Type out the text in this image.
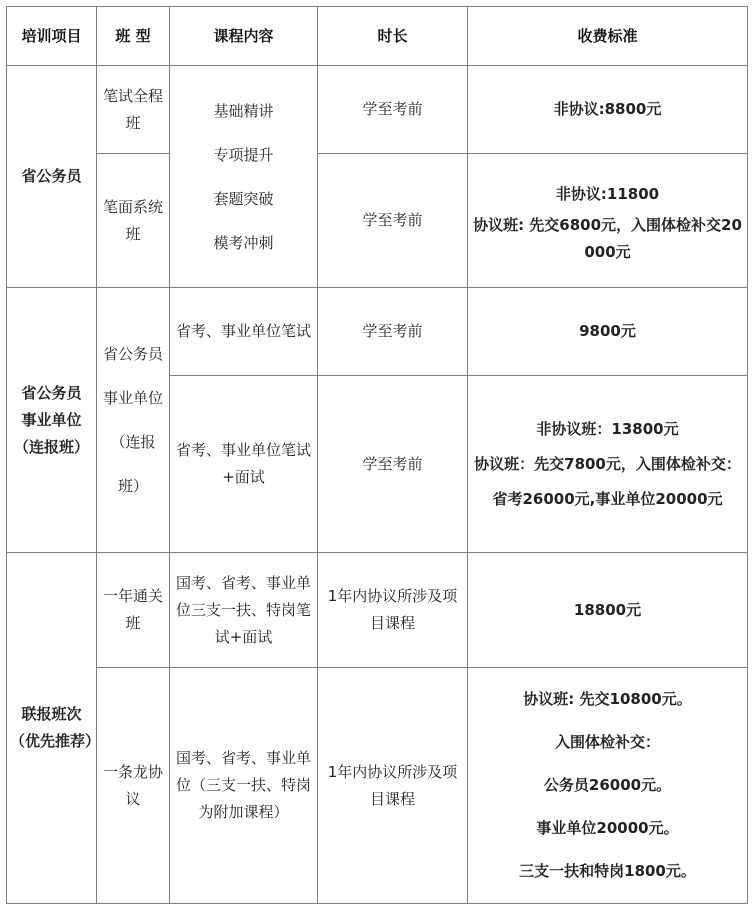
培训项目	班 型	课程内容	时长	收费标准

省公务员	笔试全程班	基础精讲
专项提升
套题突破
模考冲刺	学至考前	非协议:8800元

	笔面系统班		学至考前	非协议:11800
协议班: 先交6800元，入围体检补交20000元

省公务员
事业单位
（连报班）	省公务员
事业单位
（连报班）	省考、事业单位笔试	学至考前	9800元

		省考、事业单位笔试+面试	学至考前	非协议班：13800元
协议班：先交7800元，入围体检补交：
省考26000元,事业单位20000元

联报班次
（优先推荐）	一年通关班	国考、省考、事业单位三支一扶、特岗笔试+面试	1年内协议所涉及项目课程	18800元

	一条龙协议	国考、省考、事业单位（三支一扶、特岗为附加课程）	1年内协议所涉及项目课程	协议班: 先交10800元。
入围体检补交：
公务员26000元。
事业单位20000元。
三支一扶和特岗1800元。
